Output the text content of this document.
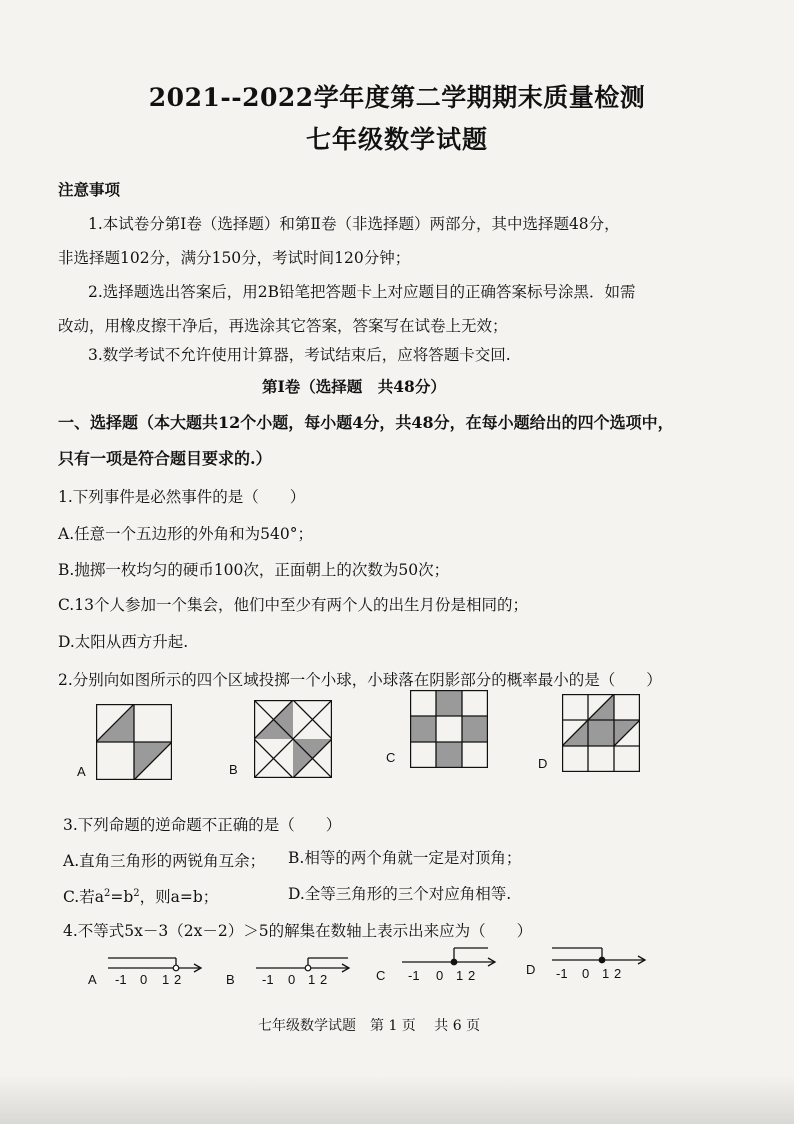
2021--2022学年度第二学期期末质量检测
七年级数学试题
注意事项
1.本试卷分第Ⅰ卷（选择题）和第Ⅱ卷（非选择题）两部分，其中选择题48分，
非选择题102分，满分150分，考试时间120分钟；
2.选择题选出答案后，用2B铅笔把答题卡上对应题目的正确答案标号涂黑．如需
改动，用橡皮擦干净后，再选涂其它答案，答案写在试卷上无效；
3.数学考试不允许使用计算器，考试结束后，应将答题卡交回.
第Ⅰ卷（选择题　共48分）
一、选择题（本大题共12个小题，每小题4分，共48分，在每小题给出的四个选项中，
只有一项是符合题目要求的.）
1.下列事件是必然事件的是（　　）
A.任意一个五边形的外角和为540°；
B.抛掷一枚均匀的硬币100次，正面朝上的次数为50次；
C.13个人参加一个集会，他们中至少有两个人的出生月份是相同的；
D.太阳从西方升起.
2.分别向如图所示的四个区域投掷一个小球，小球落在阴影部分的概率最小的是（　　）
A	B
C	D
3.下列命题的逆命题不正确的是（　　）
A.直角三角形的两锐角互余； B.相等的两个角就一定是对顶角；
C.若$a^2=b^2$，则a=b；	D.全等三角形的三个对应角相等.
4.不等式5x－3（2x－2）＞5的解集在数轴上表示出来应为（　　）
A -1 0 1 2	B -1 0 1 2	C -1 0 1 2	D -1 0 1 2
七年级数学试题　第 1 页　 共 6 页
